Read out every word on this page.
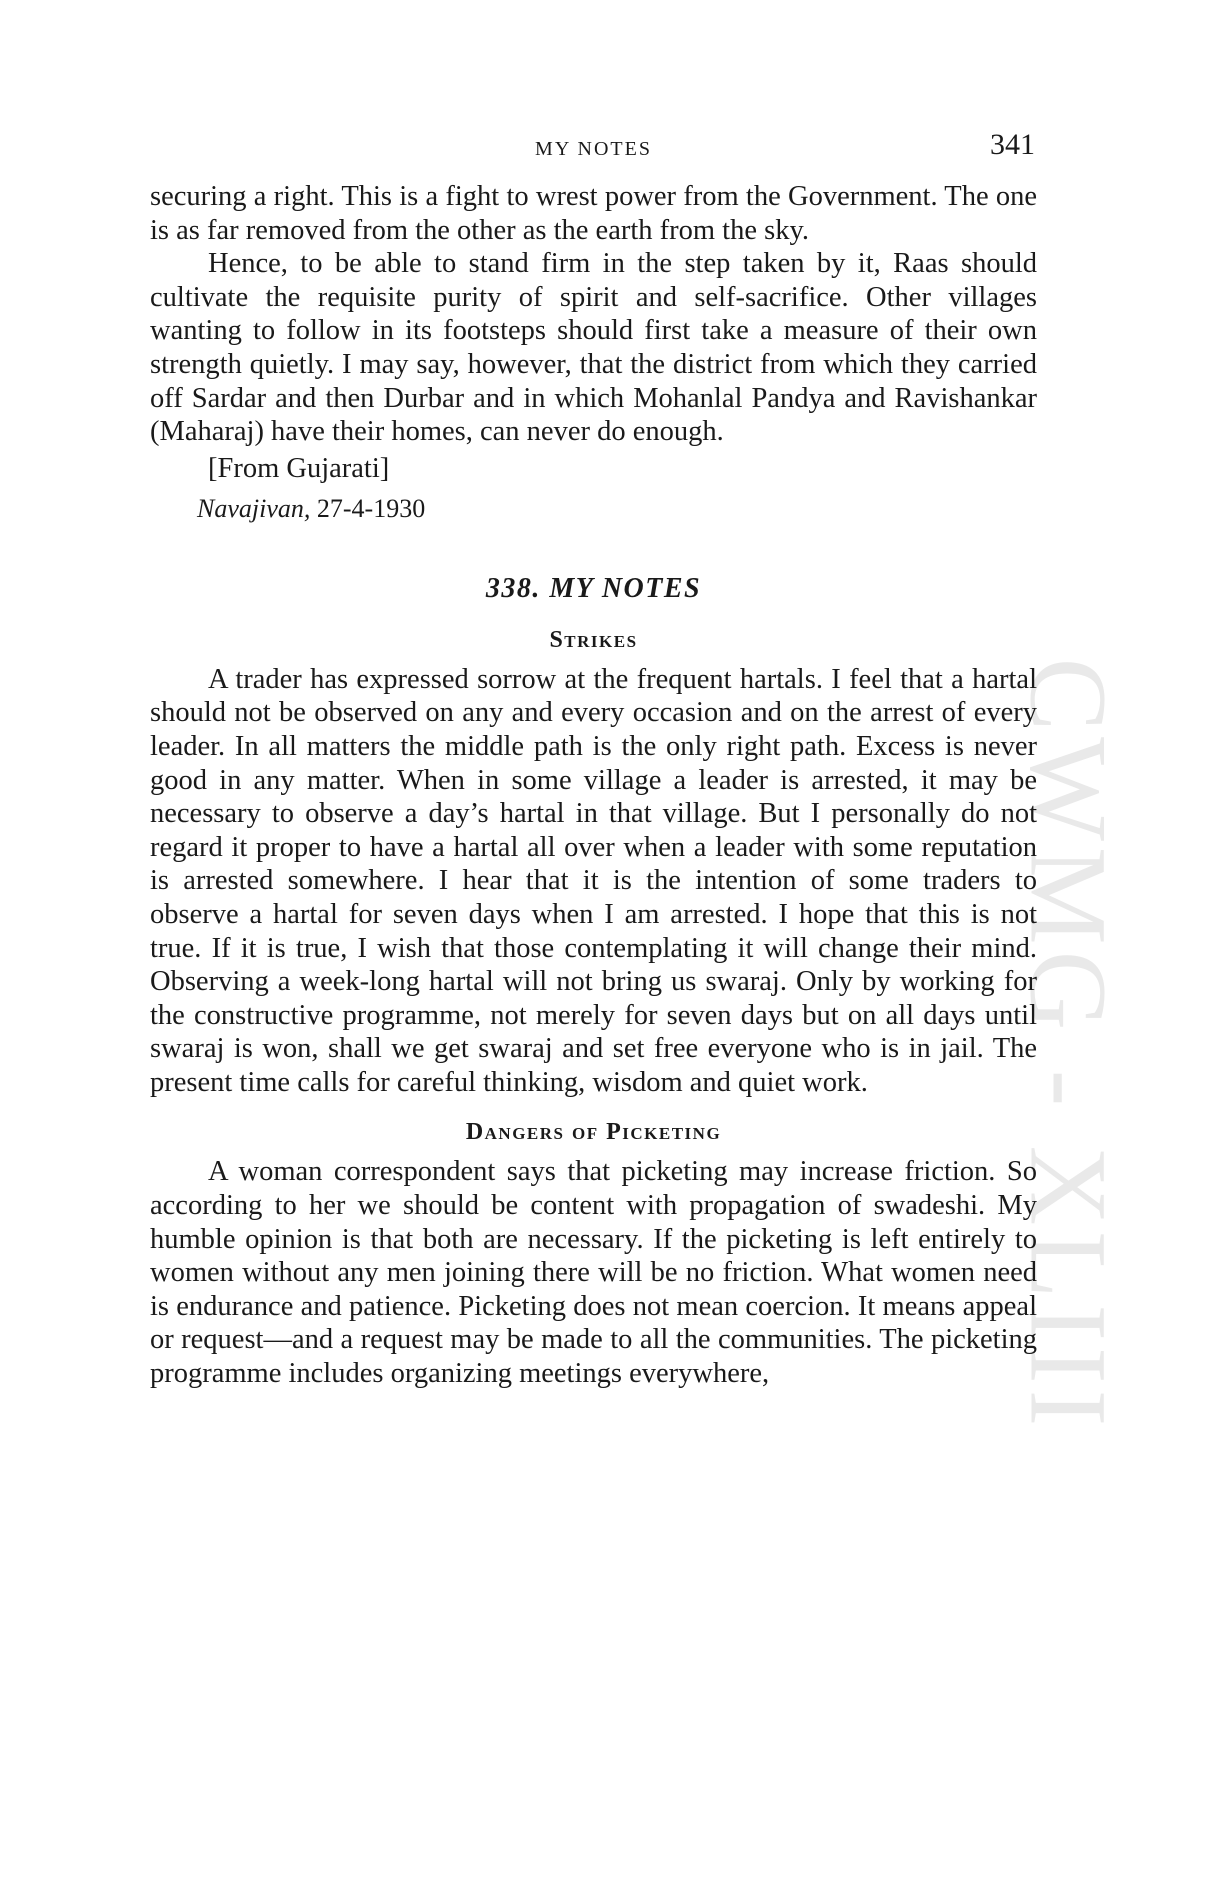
CWMG - XLIII
MY NOTES	341

securing a right. This is a fight to wrest power from the Government. The one is as far removed from the other as the earth from the sky.

Hence, to be able to stand firm in the step taken by it, Raas should cultivate the requisite purity of spirit and self-sacrifice. Other villages wanting to follow in its footsteps should first take a measure of their own strength quietly. I may say, however, that the district from which they carried off Sardar and then Durbar and in which Mohanlal Pandya and Ravishankar (Maharaj) have their homes, can never do enough.

[From Gujarati]

Navajivan, 27-4-1930

338. MY NOTES
Strikes

A trader has expressed sorrow at the frequent hartals. I feel that a hartal should not be observed on any and every occasion and on the arrest of every leader. In all matters the middle path is the only right path. Excess is never good in any matter. When in some village a leader is arrested, it may be necessary to observe a day’s hartal in that village. But I personally do not regard it proper to have a hartal all over when a leader with some reputation is arrested somewhere. I hear that it is the intention of some traders to observe a hartal for seven days when I am arrested. I hope that this is not true. If it is true, I wish that those contemplating it will change their mind. Observing a week-long hartal will not bring us swaraj. Only by working for the constructive programme, not merely for seven days but on all days until swaraj is won, shall we get swaraj and set free everyone who is in jail. The present time calls for careful thinking, wisdom and quiet work.

Dangers of Picketing

A woman correspondent says that picketing may increase friction. So according to her we should be content with propagation of swadeshi. My humble opinion is that both are necessary. If the picketing is left entirely to women without any men joining there will be no friction. What women need is endurance and patience. Picketing does not mean coercion. It means appeal or request—and a request may be made to all the communities. The picketing programme includes organizing meetings everywhere,
